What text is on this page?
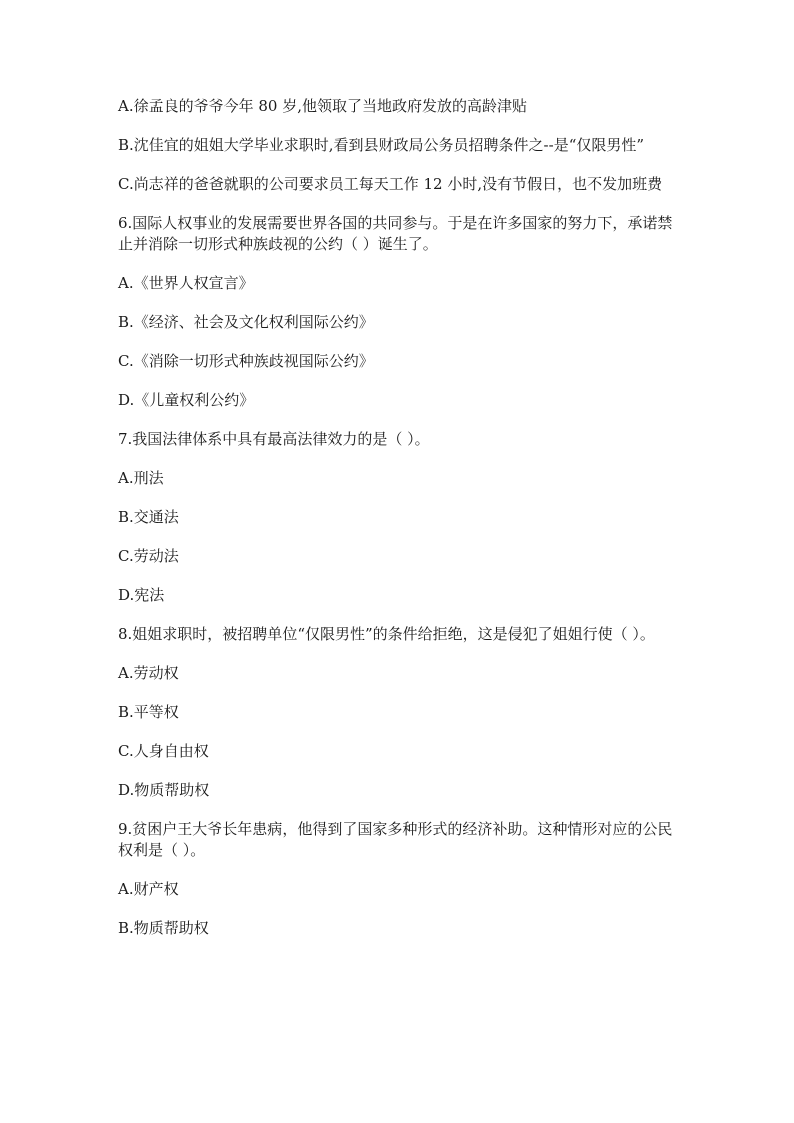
A.徐孟良的爷爷今年 80 岁,他领取了当地政府发放的高龄津贴

B.沈佳宜的姐姐大学毕业求职时,看到县财政局公务员招聘条件之--是“仅限男性”

C.尚志祥的爸爸就职的公司要求员工每天工作 12 小时,没有节假日，也不发加班费

6.国际人权事业的发展需要世界各国的共同参与。于是在许多国家的努力下，承诺禁止并消除一切形式种族歧视的公约（ ）诞生了。

A.《世界人权宣言》

B.《经济、社会及文化权利国际公约》

C.《消除一切形式种族歧视国际公约》

D.《儿童权利公约》

7.我国法律体系中具有最高法律效力的是（ ）。

A.刑法

B.交通法

C.劳动法

D.宪法

8.姐姐求职时，被招聘单位“仅限男性”的条件给拒绝，这是侵犯了姐姐行使（ ）。

A.劳动权

B.平等权

C.人身自由权

D.物质帮助权

9.贫困户王大爷长年患病，他得到了国家多种形式的经济补助。这种情形对应的公民权利是（ ）。

A.财产权

B.物质帮助权
